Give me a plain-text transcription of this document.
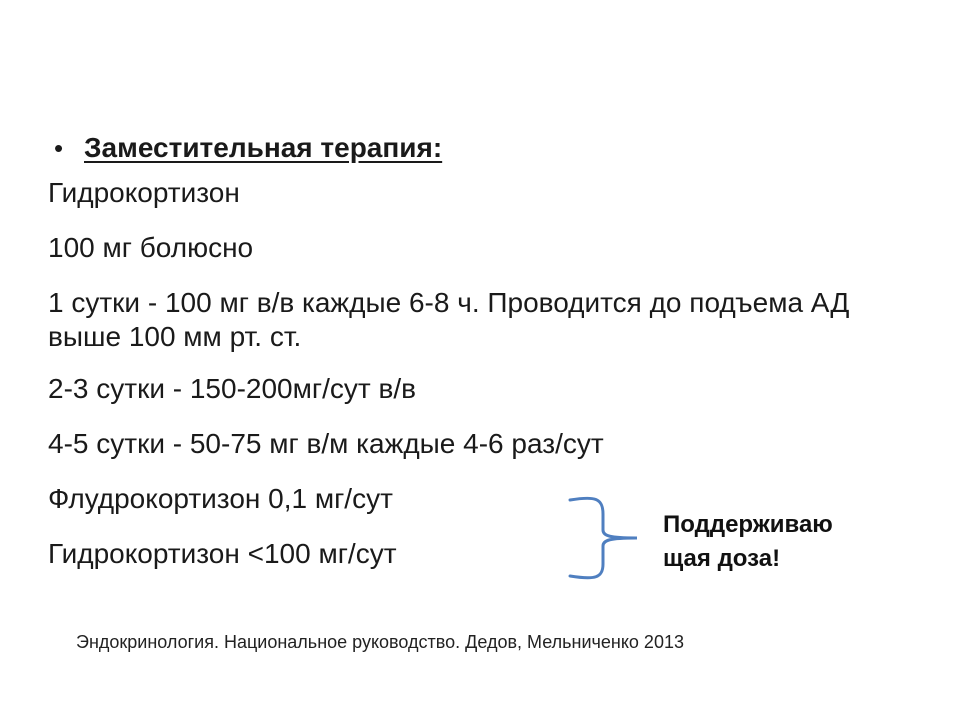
• Заместительная терапия:
Гидрокортизон
100 мг болюсно
1 сутки - 100 мг в/в каждые 6-8 ч. Проводится до подъема АД выше 100 мм рт. ст.
2-3 сутки - 150-200мг/сут в/в
4-5 сутки - 50-75 мг в/м каждые 4-6 раз/сут
Флудрокортизон 0,1 мг/сут
Гидрокортизон <100 мг/сут
Поддерживаю
щая доза!
Эндокринология. Национальное руководство. Дедов, Мельниченко 2013
